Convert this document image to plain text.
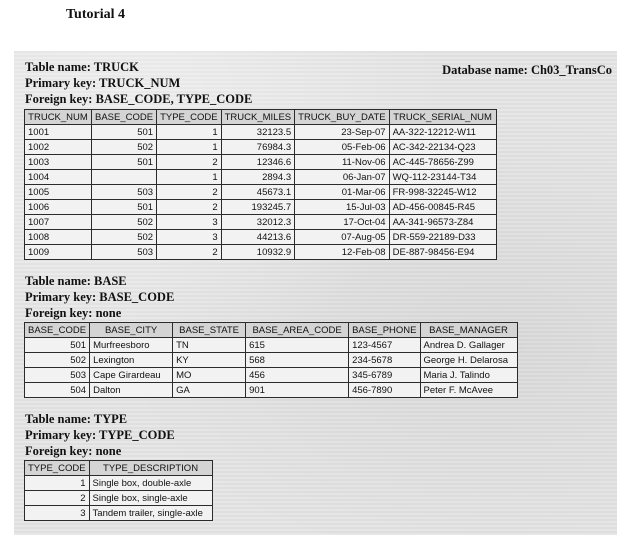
Tutorial 4
Database name: Ch03_TransCo
Table name: TRUCK
Primary key: TRUCK_NUM
Foreign key: BASE_CODE, TYPE_CODE
TRUCK_NUM	BASE_CODE	TYPE_CODE	TRUCK_MILES	TRUCK_BUY_DATE	TRUCK_SERIAL_NUM
1001	501	1	32123.5	23-Sep-07	AA-322-12212-W11
1002	502	1	76984.3	05-Feb-06	AC-342-22134-Q23
1003	501	2	12346.6	11-Nov-06	AC-445-78656-Z99
1004		1	2894.3	06-Jan-07	WQ-112-23144-T34
1005	503	2	45673.1	01-Mar-06	FR-998-32245-W12
1006	501	2	193245.7	15-Jul-03	AD-456-00845-R45
1007	502	3	32012.3	17-Oct-04	AA-341-96573-Z84
1008	502	3	44213.6	07-Aug-05	DR-559-22189-D33
1009	503	2	10932.9	12-Feb-08	DE-887-98456-E94
Table name: BASE
Primary key: BASE_CODE
Foreign key: none
BASE_CODE	BASE_CITY	BASE_STATE	BASE_AREA_CODE	BASE_PHONE	BASE_MANAGER
501	Murfreesboro	TN	615	123-4567	Andrea D. Gallager
502	Lexington	KY	568	234-5678	George H. Delarosa
503	Cape Girardeau	MO	456	345-6789	Maria J. Talindo
504	Dalton	GA	901	456-7890	Peter F. McAvee
Table name: TYPE
Primary key: TYPE_CODE
Foreign key: none
TYPE_CODE	TYPE_DESCRIPTION
1	Single box, double-axle
2	Single box, single-axle
3	Tandem trailer, single-axle
